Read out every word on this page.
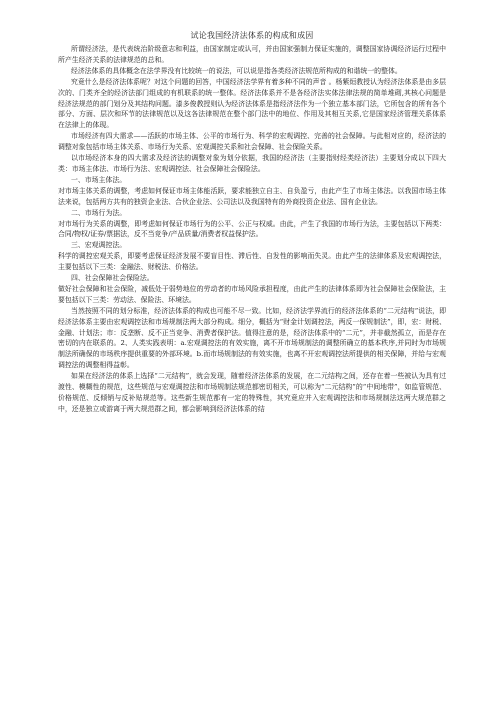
试论我国经济法体系的构成和成因

所谓经济法，是代表统治阶级意志和利益，由国家制定或认可，并由国家强制力保证实施的，调整国家协调经济运行过程中所产生经济关系的法律规范的总和。

经济法体系的具体概念在法学界没有比较统一的说法，可以说是指各类经济法规范所构成的和谐统一的整体。

究竟什么是经济法体系呢？对这个问题的回答，中国经济法学界有着多种不同的声音 。杨紫烜教授认为经济法体系是由多层次的、门类齐全的经济法部门组成的有机联系的统一整体。经济法体系并不是各经济法实体法律法规的简单堆砌,其核心问题是经济法规范的部门划分及其结构问题。漆多俊教授则认为经济法体系是指经济法作为一个独立基本部门法，它所包含的所有各个部分、方面、层次和环节的法律规范以及这各法律规范在整个部门法中的地位、作用及其相互关系,它是国家经济管理关系体系在法律上的体现。

市场经济有四大需求——活跃的市场主体、公平的市场行为、科学的宏观调控、完善的社会保障。与此相对应的，经济法的调整对象包括市场主体关系、市场行为关系、宏观调控关系和社会保障、社会保险关系。

以市场经济本身的四大需求及经济法的调整对象为划分依据，我国的经济法（主要指财经类经济法）主要划分成以下四大类：市场主体法、市场行为法、宏观调控法、社会保障社会保险法。

一、市场主体法。

对市场主体关系的调整，考虑如何保证市场主体能活跃，要求能独立自主、自负盈亏，由此产生了市场主体法。以我国市场主体法来说，包括两方共有的独资企业法、合伙企业法、公司法以及我国特有的外商投资企业法、国有企业法。

二、市场行为法。

对市场行为关系的调整，即考虑如何保证市场行为的公平、公正与权威。由此，产生了我国的市场行为法，主要包括以下两类：合同/物权/证券/票据法，反不当竞争/产品质量/消费者权益保护法。

三、宏观调控法。

科学的调控宏观关系，即要考虑保证经济发展不要盲目性、滞后性、自发性的影响而失灵。由此产生的法律体系及宏观调控法，主要包括以下三类：金融法、财税法、价格法。

四、社会保障社会保险法。

做好社会保障和社会保险，减低处于弱势地位的劳动者的市场风险承担程度，由此产生的法律体系即为社会保障社会保险法，主要包括以下三类：劳动法、保险法、环境法。

当然按照不同的划分标准，经济法体系的构成也可能不尽一致。比如，经济法学界流行的经济法体系的“二元结构”说法，即经济法体系主要由宏观调控法和市场规制法两大部分构成。细分，概括为“财金计划调控法，两反一保规制法”，即，宏：财税、金融、计划法；市：反垄断、反不正当竞争、消费者保护法。值得注意的是，经济法体系中的“二元”，并非截然孤立，而是存在密切的内在联系的。2、人类实践表明：a.宏观调控法的有效实施，离不开市场规制法的调整所确立的基本秩序,并同时为市场规制法所确保的市场秩序提供重要的外部环境。b.而市场规制法的有效实施，也离不开宏观调控法所提供的相关保障，并给与宏观调控法的调整相得益彰。

如果在经济法的体系上选择“二元结构”，就会发现，随着经济法体系的发展，在二元结构之间，还存在着一些被认为具有过渡性、模糊性的规范，这些规范与宏观调控法和市场规制法规范都密切相关，可以称为“二元结构”的“中间地带”，如监管规范、价格规范、反倾销与反补贴规范等。这些新生规范都有一定的特殊性，其究竟应并入宏观调控法和市场规制法这两大规范群之中，还是独立或游离于两大规范群之间，都会影响到经济法体系的结
